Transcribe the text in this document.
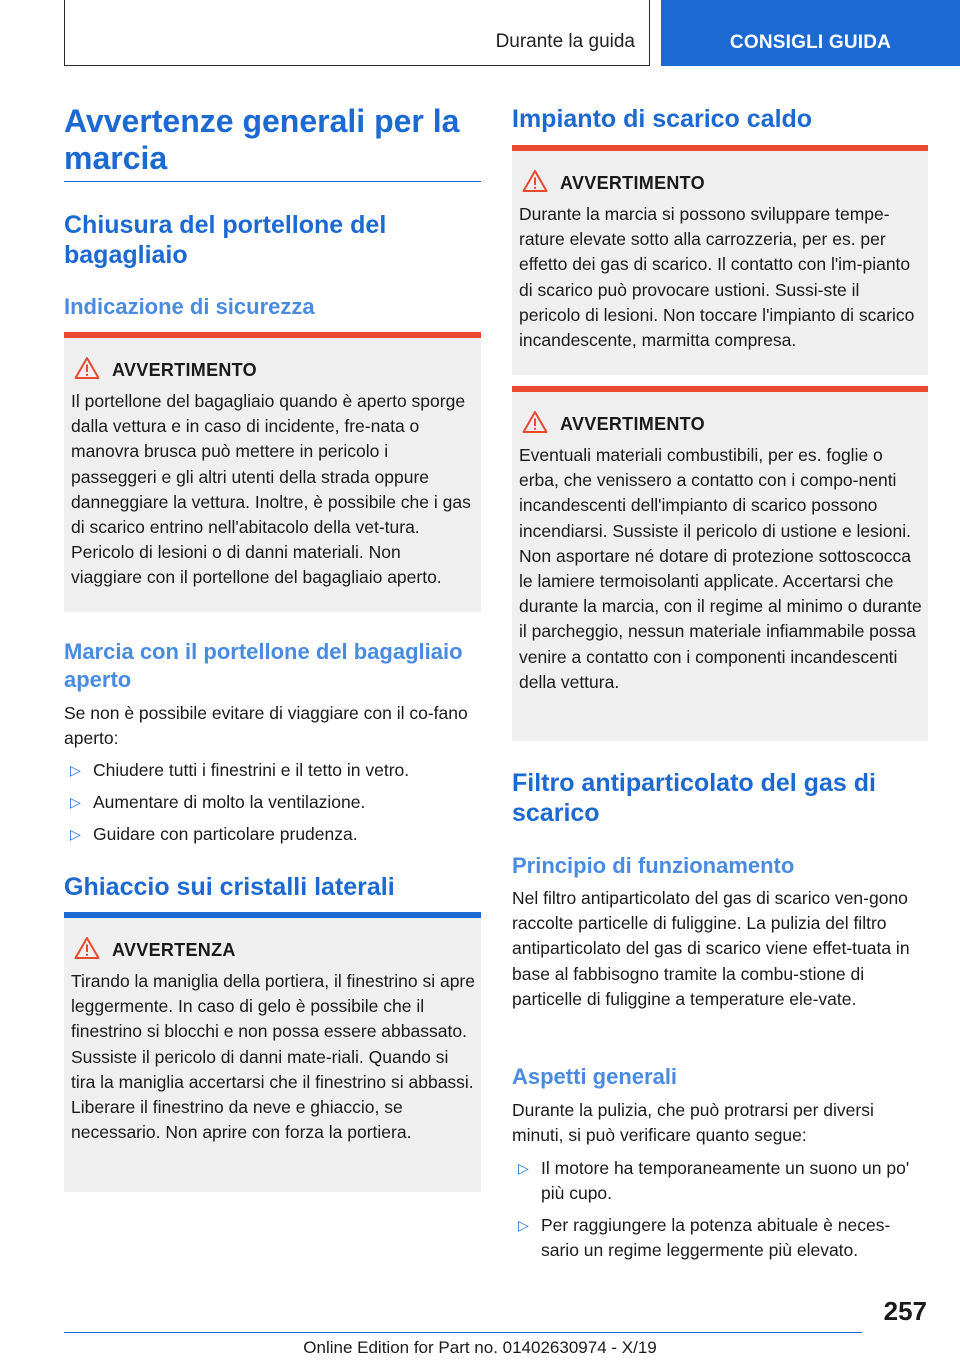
Durante la guida	CONSIGLI GUIDA
Avvertenze generali per la marcia
Chiusura del portellone del bagagliaio
Indicazione di sicurezza
AVVERTIMENTO
Il portellone del bagagliaio quando è aperto sporge dalla vettura e in caso di incidente, fre‐nata o manovra brusca può mettere in pericolo i passeggeri e gli altri utenti della strada oppure danneggiare la vettura. Inoltre, è possibile che i gas di scarico entrino nell'abitacolo della vet‐tura. Pericolo di lesioni o di danni materiali. Non viaggiare con il portellone del bagagliaio aperto.
Marcia con il portellone del bagagliaio aperto
Se non è possibile evitare di viaggiare con il co‐fano aperto:
▷ Chiudere tutti i finestrini e il tetto in vetro.
▷ Aumentare di molto la ventilazione.
▷ Guidare con particolare prudenza.
Ghiaccio sui cristalli laterali
AVVERTENZA
Tirando la maniglia della portiera, il finestrino si apre leggermente. In caso di gelo è possibile che il finestrino si blocchi e non possa essere abbassato. Sussiste il pericolo di danni mate‐riali. Quando si tira la maniglia accertarsi che il finestrino si abbassi. Liberare il finestrino da neve e ghiaccio, se necessario. Non aprire con forza la portiera.
Impianto di scarico caldo
AVVERTIMENTO
Durante la marcia si possono sviluppare tempe‐rature elevate sotto alla carrozzeria, per es. per effetto dei gas di scarico. Il contatto con l'im‐pianto di scarico può provocare ustioni. Sussi‐ste il pericolo di lesioni. Non toccare l'impianto di scarico incandescente, marmitta compresa.
AVVERTIMENTO
Eventuali materiali combustibili, per es. foglie o erba, che venissero a contatto con i compo‐nenti incandescenti dell'impianto di scarico possono incendiarsi. Sussiste il pericolo di ustione e lesioni. Non asportare né dotare di protezione sottoscocca le lamiere termoisolanti applicate. Accertarsi che durante la marcia, con il regime al minimo o durante il parcheggio, nessun materiale infiammabile possa venire a contatto con i componenti incandescenti della vettura.
Filtro antiparticolato del gas di scarico
Principio di funzionamento
Nel filtro antiparticolato del gas di scarico ven‐gono raccolte particelle di fuliggine. La pulizia del filtro antiparticolato del gas di scarico viene effet‐tuata in base al fabbisogno tramite la combu‐stione di particelle di fuliggine a temperature ele‐vate.
Aspetti generali
Durante la pulizia, che può protrarsi per diversi minuti, si può verificare quanto segue:
▷ Il motore ha temporaneamente un suono un po' più cupo.
▷ Per raggiungere la potenza abituale è neces‐sario un regime leggermente più elevato.
257
Online Edition for Part no. 01402630974 - X/19
